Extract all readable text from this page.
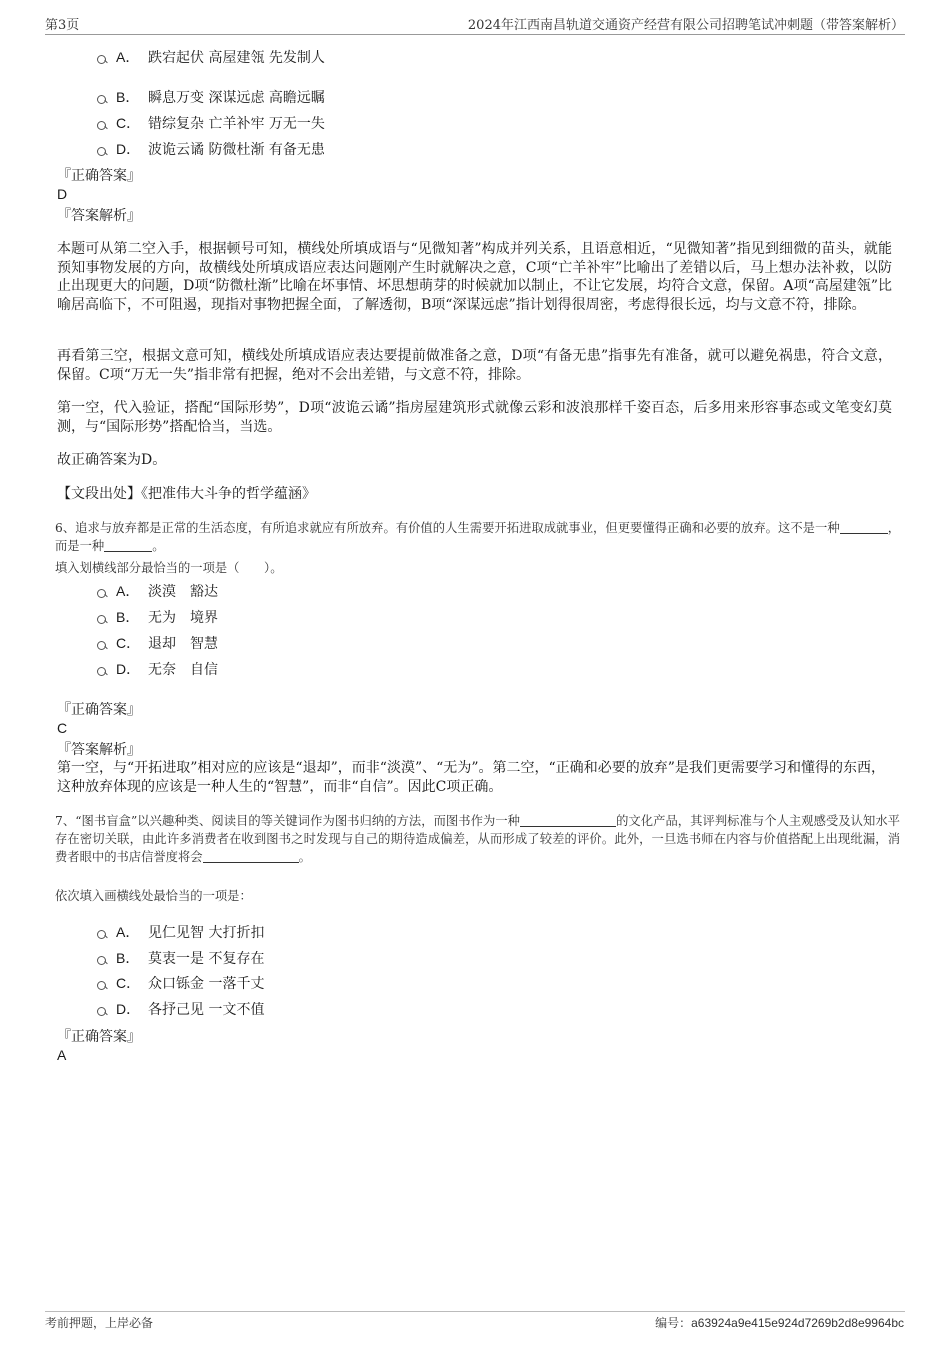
第3页	2024年江西南昌轨道交通资产经营有限公司招聘笔试冲刺题（带答案解析）
A． 跌宕起伏 高屋建瓴 先发制人
B． 瞬息万变 深谋远虑 高瞻远瞩
C． 错综复杂 亡羊补牢 万无一失
D． 波诡云谲 防微杜渐 有备无患
『正确答案』
D
『答案解析』
本题可从第二空入手，根据顿号可知，横线处所填成语与“见微知著”构成并列关系，且语意相近，“见微知著”指见到细微的苗头，就能预知事物发展的方向，故横线处所填成语应表达问题刚产生时就解决之意，C项“亡羊补牢”比喻出了差错以后，马上想办法补救，以防止出现更大的问题，D项“防微杜渐”比喻在坏事情、坏思想萌芽的时候就加以制止，不让它发展，均符合文意，保留。A项“高屋建瓴”比喻居高临下，不可阻遏，现指对事物把握全面，了解透彻，B项“深谋远虑”指计划得很周密，考虑得很长远，均与文意不符，排除。
再看第三空，根据文意可知，横线处所填成语应表达要提前做准备之意，D项“有备无患”指事先有准备，就可以避免祸患，符合文意，保留。C项“万无一失”指非常有把握，绝对不会出差错，与文意不符，排除。
第一空，代入验证，搭配“国际形势”，D项“波诡云谲”指房屋建筑形式就像云彩和波浪那样千姿百态，后多用来形容事态或文笔变幻莫测，与“国际形势”搭配恰当，当选。
故正确答案为D。
【文段出处】《把准伟大斗争的哲学蕴涵》
6、追求与放弃都是正常的生活态度，有所追求就应有所放弃。有价值的人生需要开拓进取成就事业，但更要懂得正确和必要的放弃。这不是一种	，而是一种	。
填入划横线部分最恰当的一项是（　　）。
A． 淡漠 豁达
B． 无为 境界
C． 退却 智慧
D． 无奈 自信
『正确答案』
C
『答案解析』
第一空，与“开拓进取”相对应的应该是“退却”，而非“淡漠”、“无为”。第二空，“正确和必要的放弃”是我们更需要学习和懂得的东西，这种放弃体现的应该是一种人生的“智慧”，而非“自信”。因此C项正确。
7、“图书盲盒”以兴趣种类、阅读目的等关键词作为图书归纳的方法，而图书作为一种	的文化产品，其评判标准与个人主观感受及认知水平存在密切关联，由此许多消费者在收到图书之时发现与自己的期待造成偏差，从而形成了较差的评价。此外，一旦选书师在内容与价值搭配上出现纰漏，消费者眼中的书店信誉度将会	。
依次填入画横线处最恰当的一项是：
A． 见仁见智 大打折扣
B． 莫衷一是 不复存在
C． 众口铄金 一落千丈
D． 各抒己见 一文不值
『正确答案』
A
考前押题，上岸必备	编号：a63924a9e415e924d7269b2d8e9964bc
